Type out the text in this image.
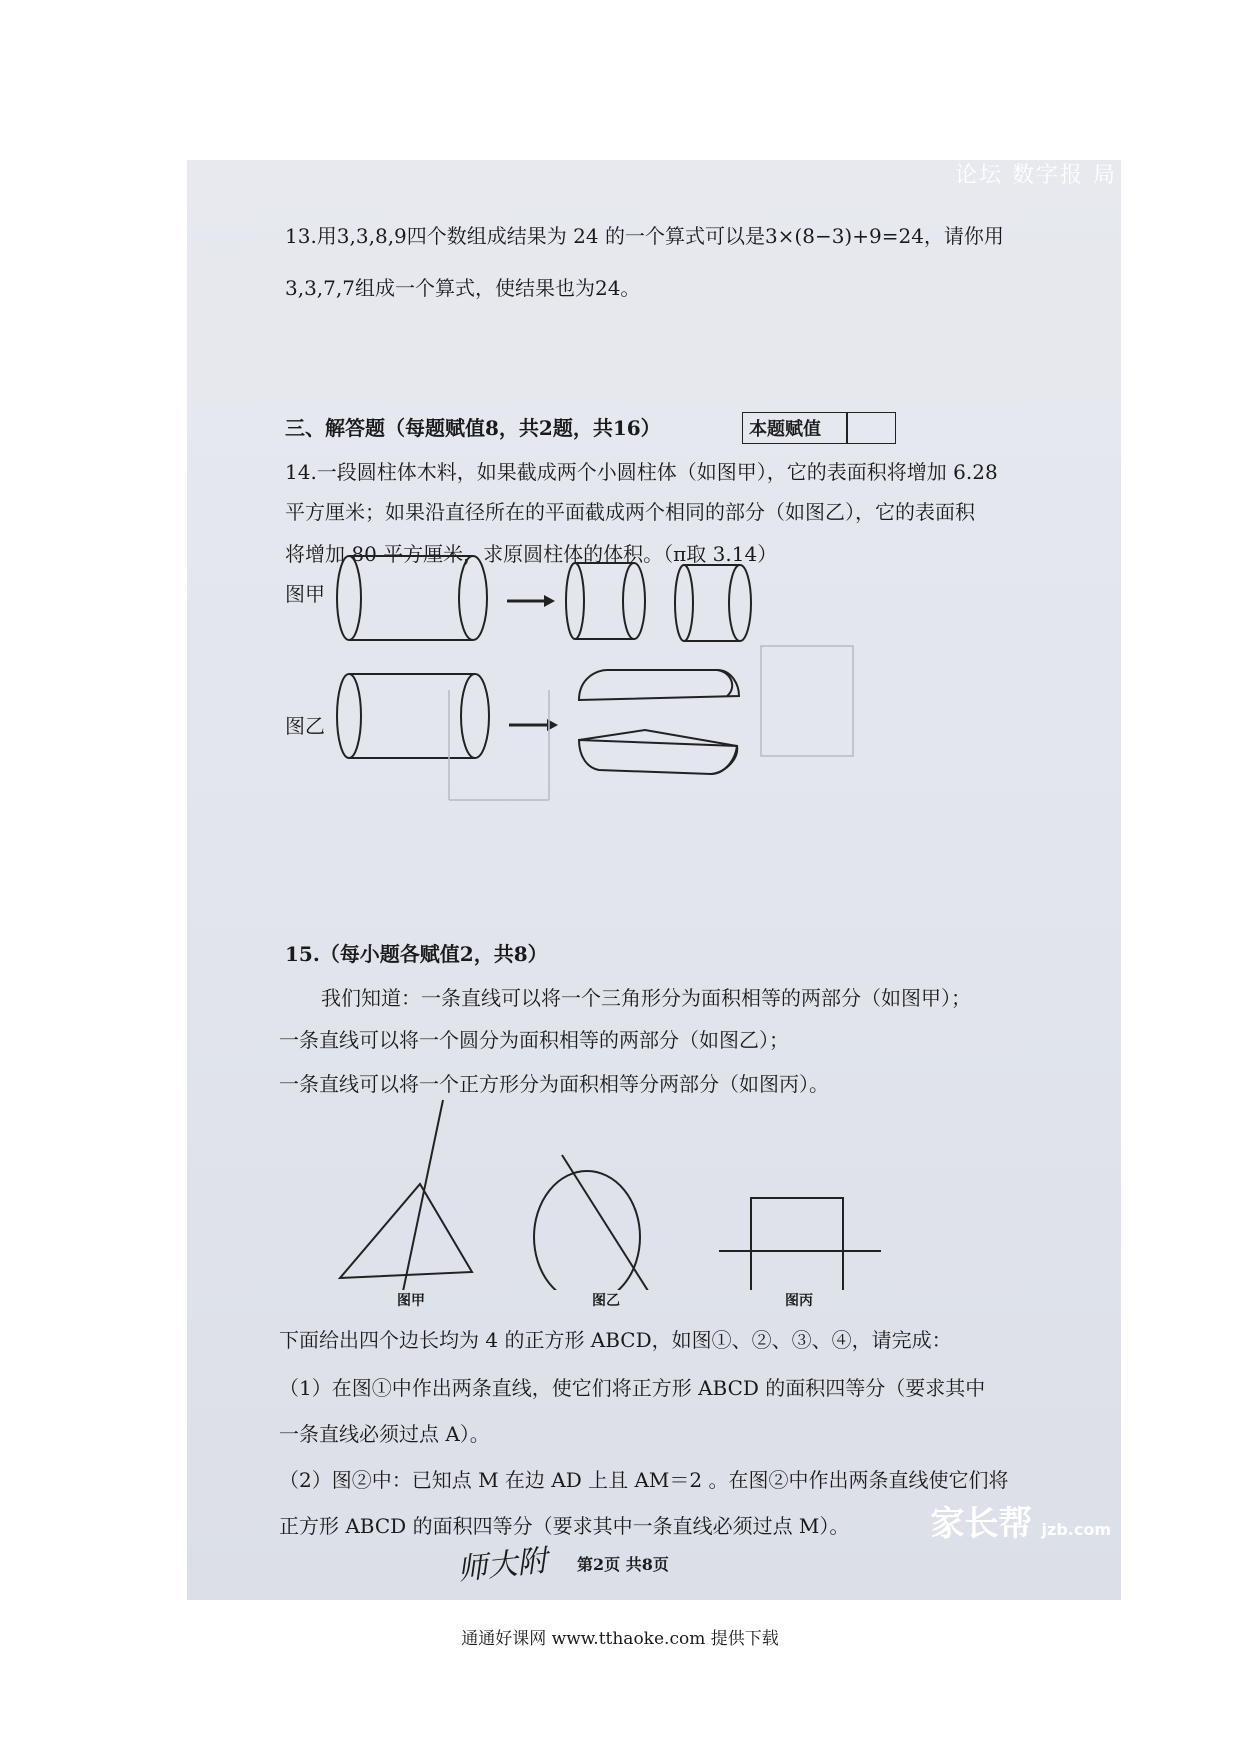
论坛 数字报 局
13.用3,3,8,9四个数组成结果为 24 的一个算式可以是3×(8−3)+9=24，请你用
3,3,7,7组成一个算式，使结果也为24。
三、解答题（每题赋值8，共2题，共16）	本题赋值
14.一段圆柱体木料，如果截成两个小圆柱体（如图甲），它的表面积将增加 6.28
平方厘米；如果沿直径所在的平面截成两个相同的部分（如图乙），它的表面积
将增加 80 平方厘米，求原圆柱体的体积。（π取 3.14）
图甲
图乙
15.（每小题各赋值2，共8）
我们知道：一条直线可以将一个三角形分为面积相等的两部分（如图甲）；
一条直线可以将一个圆分为面积相等的两部分（如图乙）；
一条直线可以将一个正方形分为面积相等分两部分（如图丙）。
图甲	图乙	图丙
下面给出四个边长均为 4 的正方形 ABCD，如图①、②、③、④，请完成：
（1）在图①中作出两条直线，使它们将正方形 ABCD 的面积四等分（要求其中
一条直线必须过点 A）。
（2）图②中：已知点 M 在边 AD 上且 AM＝2 。在图②中作出两条直线使它们将
正方形 ABCD 的面积四等分（要求其中一条直线必须过点 M）。
师大附 第2页 共8页
家长帮 jzb.com
通通好课网 www.tthaoke.com 提供下载
